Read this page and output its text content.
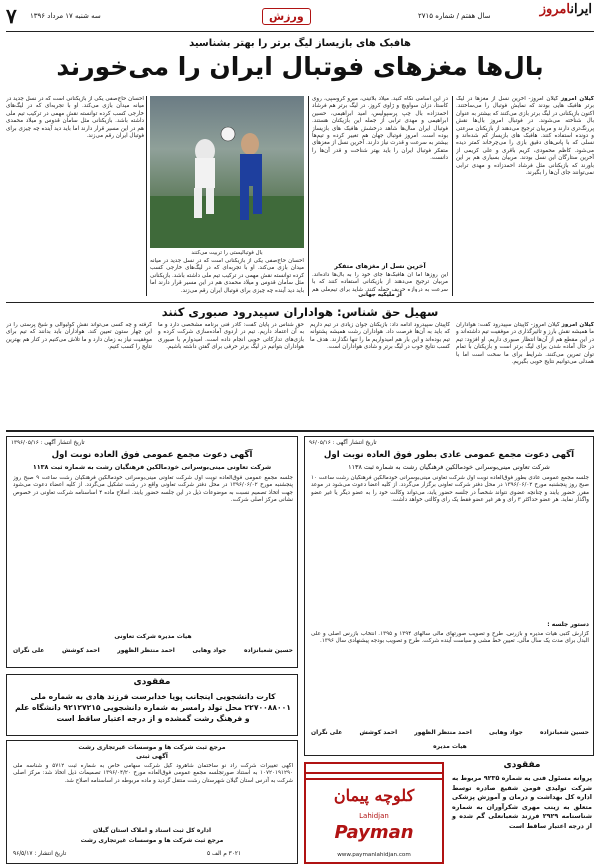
۷ سه شنبه ۱۷ مرداد ۱۳۹۶	ورزش	سال هفتم / شماره ۲۷۱۵	ایرانامروز
هافبک های بازیساز لیگ برتر را بهتر بشناسید
بال‌ها مغزهای فوتبال ایران را می‌خورند
گیلان امروز گیلان امروز- آخرین نسل از مغزها در لیگ برتر هافبک هایی بودند که نمایش فوتبال را می‌ساختند. اکنون بازیکنانی در لیگ برتر بازی می‌کنند که بیشتر به عنوان بال شناخته می‌شوند. در فوتبال امروز بال‌ها نقش پررنگ‌تری دارند و مربیان ترجیح می‌دهند از بازیکنان سرعتی و دونده استفاده کنند. هافبک های بازیساز کم شده‌اند و نسلی که با پاس‌های دقیق بازی را می‌چرخاند کمتر دیده می‌شود. کاظم محمودی، کریم باقری و علی کریمی از آخرین ستارگان این نسل بودند. مربیان بسیاری هم بر این باورند که بازیکنانی مثل فرشاد احمدزاده و مهدی ترابی نمی‌توانند جای آن‌ها را بگیرند.
در این اسامی نگاه کنید. میلاد بلاتینی، میرو کروسپی، روی کاستا، دزان سواویچ و ژاوی کروز. در لیگ برتر هم فرشاد احمدزاده بال چپ پرسپولیس، امید ابراهیمی، حسین ابراهیمی و مهدی ترابی از جمله این بازیکنان هستند. فوتبال ایران سال‌ها شاهد درخشش هافبک های بازیساز بوده است. امروز فوتبال جهان هم تغییر کرده و تیم‌ها بیشتر به سرعت و قدرت نیاز دارند. آخرین نسل از مغزهای متفکر فوتبال ایران را باید بهتر شناخت و قدر آن‌ها را دانست.
آخرین نسل از مغزهای متفکر
این روزها اما آن هافبک‌ها جای خود را به بال‌ها داده‌اند. مربیان ترجیح می‌دهند از بازیکنانی استفاده کنند که با سرعت به دروازه حریف حمله کنند. شاید برای تیم‌ملی هم
بال فوتبالیستی را تربیت می‌کنند
احسان حاج‌صفی یکی از بازیکنانی است که در نسل جدید در میانه میدان بازی می‌کند. او با تجربه‌ای که در لیگ‌های خارجی کسب کرده توانسته نقش مهمی در ترکیب تیم ملی داشته باشد. بازیکنانی مثل سامان قدوس و میلاد محمدی هم در این مسیر قرار دارند اما باید دید آینده چه چیزی برای فوتبال ایران رقم می‌زند.
احسان حاج‌صفی یکی از بازیکنانی است که در نسل جدید در میانه میدان بازی می‌کند. او با تجربه‌ای که در لیگ‌های خارجی کسب کرده توانسته نقش مهمی در ترکیب تیم ملی داشته باشد. بازیکنانی مثل سامان قدوس و میلاد محمدی هم در این مسیر قرار دارند اما باید دید آینده چه چیزی برای فوتبال ایران رقم می‌زند.
از ملیکیه جهانی
سهیل حق شناس: هواداران سپیدرود صبوری کنند
گیلان امروز گیلان امروز- کاپیتان سپیدرود گفت: هواداران ما همیشه نقش بارز و تاثیرگذاری در موفقیت تیم داشته‌اند و در این مقطع هم از آن‌ها انتظار صبوری داریم. او افزود: تیم در حال آماده شدن برای لیگ برتر است و بازیکنان با تمام توان تمرین می‌کنند. شرایط برای ما سخت است اما با همدلی می‌توانیم نتایج خوبی بگیریم.
کاپیتان سپیدرود ادامه داد: بازیکنان جوان زیادی در تیم داریم که باید به آن‌ها فرصت داد. هواداران رشت همیشه پشتوانه تیم بوده‌اند و این بار هم امیدواریم ما را تنها نگذارند. هدف ما کسب نتایج خوب در لیگ برتر و شادی هواداران است.
حق شناس در پایان گفت: کادر فنی برنامه مشخصی دارد و ما به آن اعتماد داریم. تیم در اردوی آماده‌سازی شرکت کرده و بازی‌های تدارکاتی خوبی انجام داده است. امیدوارم با صبوری هواداران بتوانیم در لیگ برتر حرفی برای گفتن داشته باشیم.
گرفته و چه کسی می‌تواند نقش کولیوالی و شیخ پرستی را در این چهار ستون تعیین کند. هواداران باید بدانند که تیم برای موفقیت نیاز به زمان دارد و ما تلاش می‌کنیم در کنار هم بهترین نتایج را کسب کنیم.
تاریخ انتشار آگهی : ۹۶/۰۵/۱۶
آگهی دعوت مجمع عمومی عادی بطور فوق العاده نوبت اول
شرکت تعاونی مینی‌بوسرانی خودمالکین فرهنگیان رشت به شماره ثبت ۱۱۳۸
جلسه مجمع عمومی عادی بطور فوق‌العاده نوبت اول شرکت تعاونی مینی‌بوسرانی خودمالکین فرهنگیان رشت ساعت ۱۰ صبح روز پنجشنبه مورخ ۱۳۹۶/۰۶/۰۲ در محل دفتر شرکت تعاونی برگزار می‌گردد. از کلیه اعضا دعوت می‌شود در موعد مقرر حضور یابند و چنانچه عضوی نتواند شخصاً در جلسه حضور یابد، می‌تواند وکالت خود را به عضو دیگر یا غیر عضو واگذار نماید. هر عضو حداکثر ۳ رای و هر غیر عضو فقط یک رای وکالتی خواهد داشت.
دستور جلسه :
گزارش کتبی هیات مدیره و بازرس. طرح و تصویب صورتهای مالی سالهای ۱۳۹۴ و ۱۳۹۵. انتخاب بازرس اصلی و علی البدل برای مدت یک سال مالی. تعیین خط مشی و سیاست آینده شرکت. طرح و تصویب بودجه پیشنهادی سال ۱۳۹۶.
حسین شعبانزاده
جواد وهابی
احمد منتظر الظهور
احمد کوشش
علی نگران
هیات مدیره
تاریخ انتشار آگهی : ۱۳۹۶/۰۵/۱۶
آگهی دعوت مجمع عمومی فوق العاده نوبت اول
شرکت تعاونی مینی‌بوسرانی خودمالکین فرهنگیان رشت به شماره ثبت ۱۱۳۸
جلسه مجمع عمومی فوق‌العاده نوبت اول شرکت تعاونی مینی‌بوسرانی خودمالکین فرهنگیان رشت ساعت ۹ صبح روز پنجشنبه مورخ ۱۳۹۶/۰۶/۰۲ در محل دفتر شرکت تعاونی واقع در رشت تشکیل می‌گردد. از کلیه اعضاء دعوت می‌شود جهت اتخاذ تصمیم نسبت به موضوعات ذیل در این جلسه حضور یابند. اصلاح ماده ۴ اساسنامه شرکت تعاونی در خصوص نشانی مرکز اصلی شرکت.
هیات مدیره شرکت تعاونی
حسین شعبانزاده
جواد وهابی
احمد منتظر الظهور
احمد کوشش
علی نگران
مفقودی
کارت دانشجویی اینجانب پویا خدابرست فرزند هادی به شماره ملی ۲۲۷۰۰۸۸۰۰۱ محل تولد رامسر به شماره دانشجویی ۹۲۱۲۷۲۱۵ دانشگاه علم و فرهنگ رشت گمشده و از درجه اعتبار ساقط است
مرجع ثبت شرکت ها و موسسات غیرتجاری رشت
آگهی ثبتی
آگهی تغییرات شرکت راد نو ساختمان شاهرود گیل شرکت سهامی خاص به شماره ثبت ۵۷۱۲ و شناسه ملی ۱۰۷۲۰۱۹۱۲۹۰ به استناد صورتجلسه مجمع عمومی فوق‌العاده مورخ ۱۳۹۶/۰۴/۲۰ تصمیمات ذیل اتخاذ شد: مرکز اصلی شرکت به آدرس استان گیلان شهرستان رشت منتقل گردید و ماده مربوطه در اساسنامه اصلاح شد.
اداره کل ثبت اسناد و املاک استان گیلان
مرجع ثبت شرکت ها و موسسات غیرتجاری رشت
تاریخ انتشار : ۹۶/۵/۱۷	۳۰۲۱ م الف ۵
مفقودی
پروانه مسئول فنی به شماره ۹۲۳۵ مربوط به شرکت تولیدی فومن شفیع صادره توسط اداره کل بهداشت و درمان و آموزش پزشکی متعلق به زینب مهری شکرآوران به شماره شناسنامه ۲۹۲۹ فرزند شعبانعلی گم شده و از درجه اعتبار ساقط است
کلوچه پیمان
Lahidjan
Payman
www.paymanlahidjan.com
